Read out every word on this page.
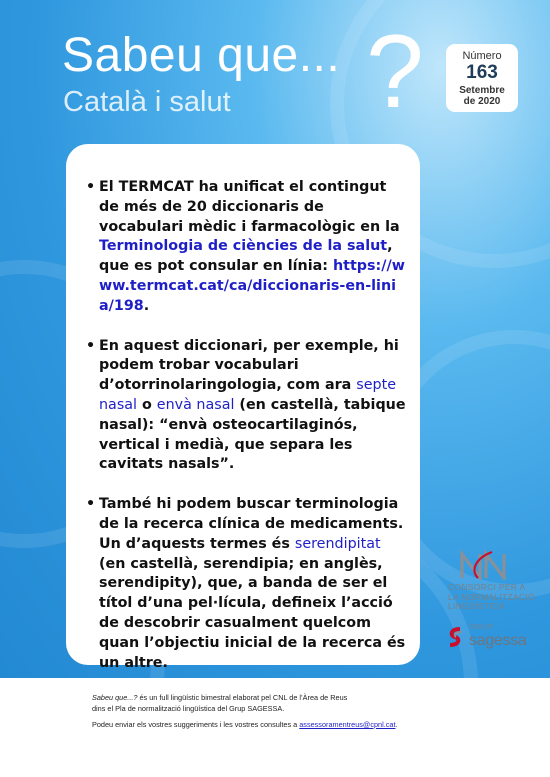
Sabeu que... ?
Català i salut
Número
163
Setembre
de 2020
• El TERMCAT ha unificat el contingut de més de 20 diccionaris de vocabulari mèdic i farmacològic en la Terminologia de ciències de la salut, que es pot consular en línia: https://www.termcat.cat/ca/diccionaris-en-linia/198.
• En aquest diccionari, per exemple, hi podem trobar vocabulari d’otorrinolaringologia, com ara septe nasal o envà nasal (en castellà, tabique nasal): “envà osteocartilaginós, vertical i medià, que separa les cavitats nasals”.
• També hi podem buscar terminologia de la recerca clínica de medicaments. Un d’aquests termes és serendipitat (en castellà, serendipia; en anglès, serendipity), que, a banda de ser el títol d’una pel·lícula, defineix l’acció de descobrir casualment quelcom quan l’objectiu inicial de la recerca és un altre.
CONSORCI PER A
LA NORMALITZACIÓ
LINGÜÍSTICA
GRUP
sagessa

Sabeu que...? és un full lingüístic bimestral elaborat pel CNL de l’Àrea de Reus

dins el Pla de normalització lingüística del Grup SAGESSA.

Podeu enviar els vostres suggeriments i les vostres consultes a assessoramentreus@cpnl.cat.
